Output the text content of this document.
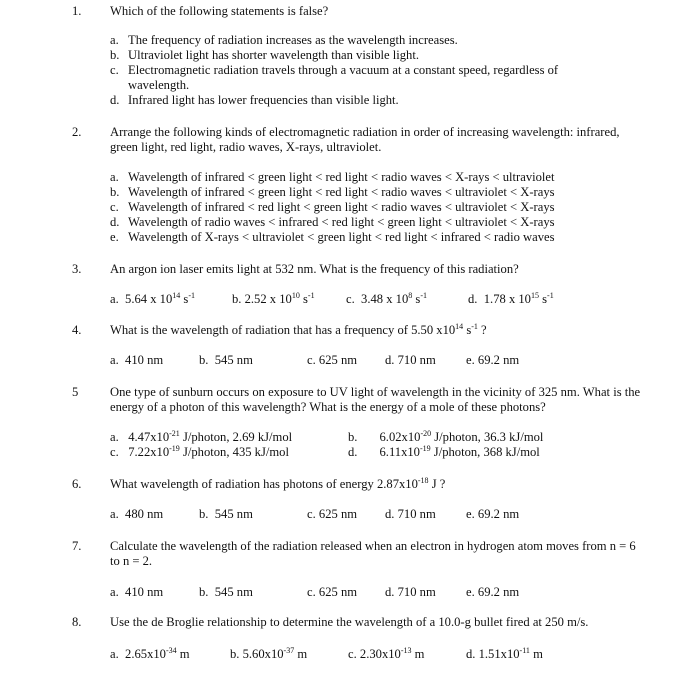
1. Which of the following statements is false?
a. The frequency of radiation increases as the wavelength increases.
b. Ultraviolet light has shorter wavelength than visible light.
c. Electromagnetic radiation travels through a vacuum at a constant speed, regardless of wavelength.
d. Infrared light has lower frequencies than visible light.
2. Arrange the following kinds of electromagnetic radiation in order of increasing wavelength: infrared, green light, red light, radio waves, X-rays, ultraviolet.
a. Wavelength of infrared < green light < red light < radio waves < X-rays < ultraviolet
b. Wavelength of infrared < green light < red light < radio waves < ultraviolet < X-rays
c. Wavelength of infrared < red light < green light < radio waves < ultraviolet < X-rays
d. Wavelength of radio waves < infrared < red light < green light < ultraviolet < X-rays
e. Wavelength of X-rays < ultraviolet < green light < red light < infrared < radio waves
3. An argon ion laser emits light at 532 nm. What is the frequency of this radiation?
a. 5.64 x $10^{14}$ $s^{-1}$	b. 2.52 x $10^{10}$ $s^{-1}$ c. 3.48 x $10^8$ $s^{-1}$	d. 1.78 x $10^{15}$ $s^{-1}$
4. What is the wavelength of radiation that has a frequency of 5.50 $x10^{14}$ $s^{-1}$ ?
a. 410 nm	b. 545 nm	c. 625 nm d. 710 nm e. 69.2 nm
5	One type of sunburn occurs on exposure to UV light of wavelength in the vicinity of 325 nm. What is the energy of a photon of this wavelength? What is the energy of a mole of these photons?
a. $4.47x10^{-21}$ J/photon, 2.69 kJ/mol	b. $6.02x10^{-20}$ J/photon, 36.3 kJ/mol
c. $7.22x10^{-19}$ J/photon, 435 kJ/mol	d. $6.11x10^{-19}$ J/photon, 368 kJ/mol
6. What wavelength of radiation has photons of energy $2.87x10^{-18}$ J ?
a. 480 nm	b. 545 nm	c. 625 nm d. 710 nm e. 69.2 nm
7. Calculate the wavelength of the radiation released when an electron in hydrogen atom moves from n = 6 to n = 2.
a. 410 nm	b. 545 nm	c. 625 nm d. 710 nm e. 69.2 nm
8. Use the de Broglie relationship to determine the wavelength of a 10.0-g bullet fired at 250 m/s.
a. $2.65x10^{-34}$ m	b. $5.60x10^{-37}$ m	c. $2.30x10^{-13}$ m	d. $1.51x10^{-11}$ m
